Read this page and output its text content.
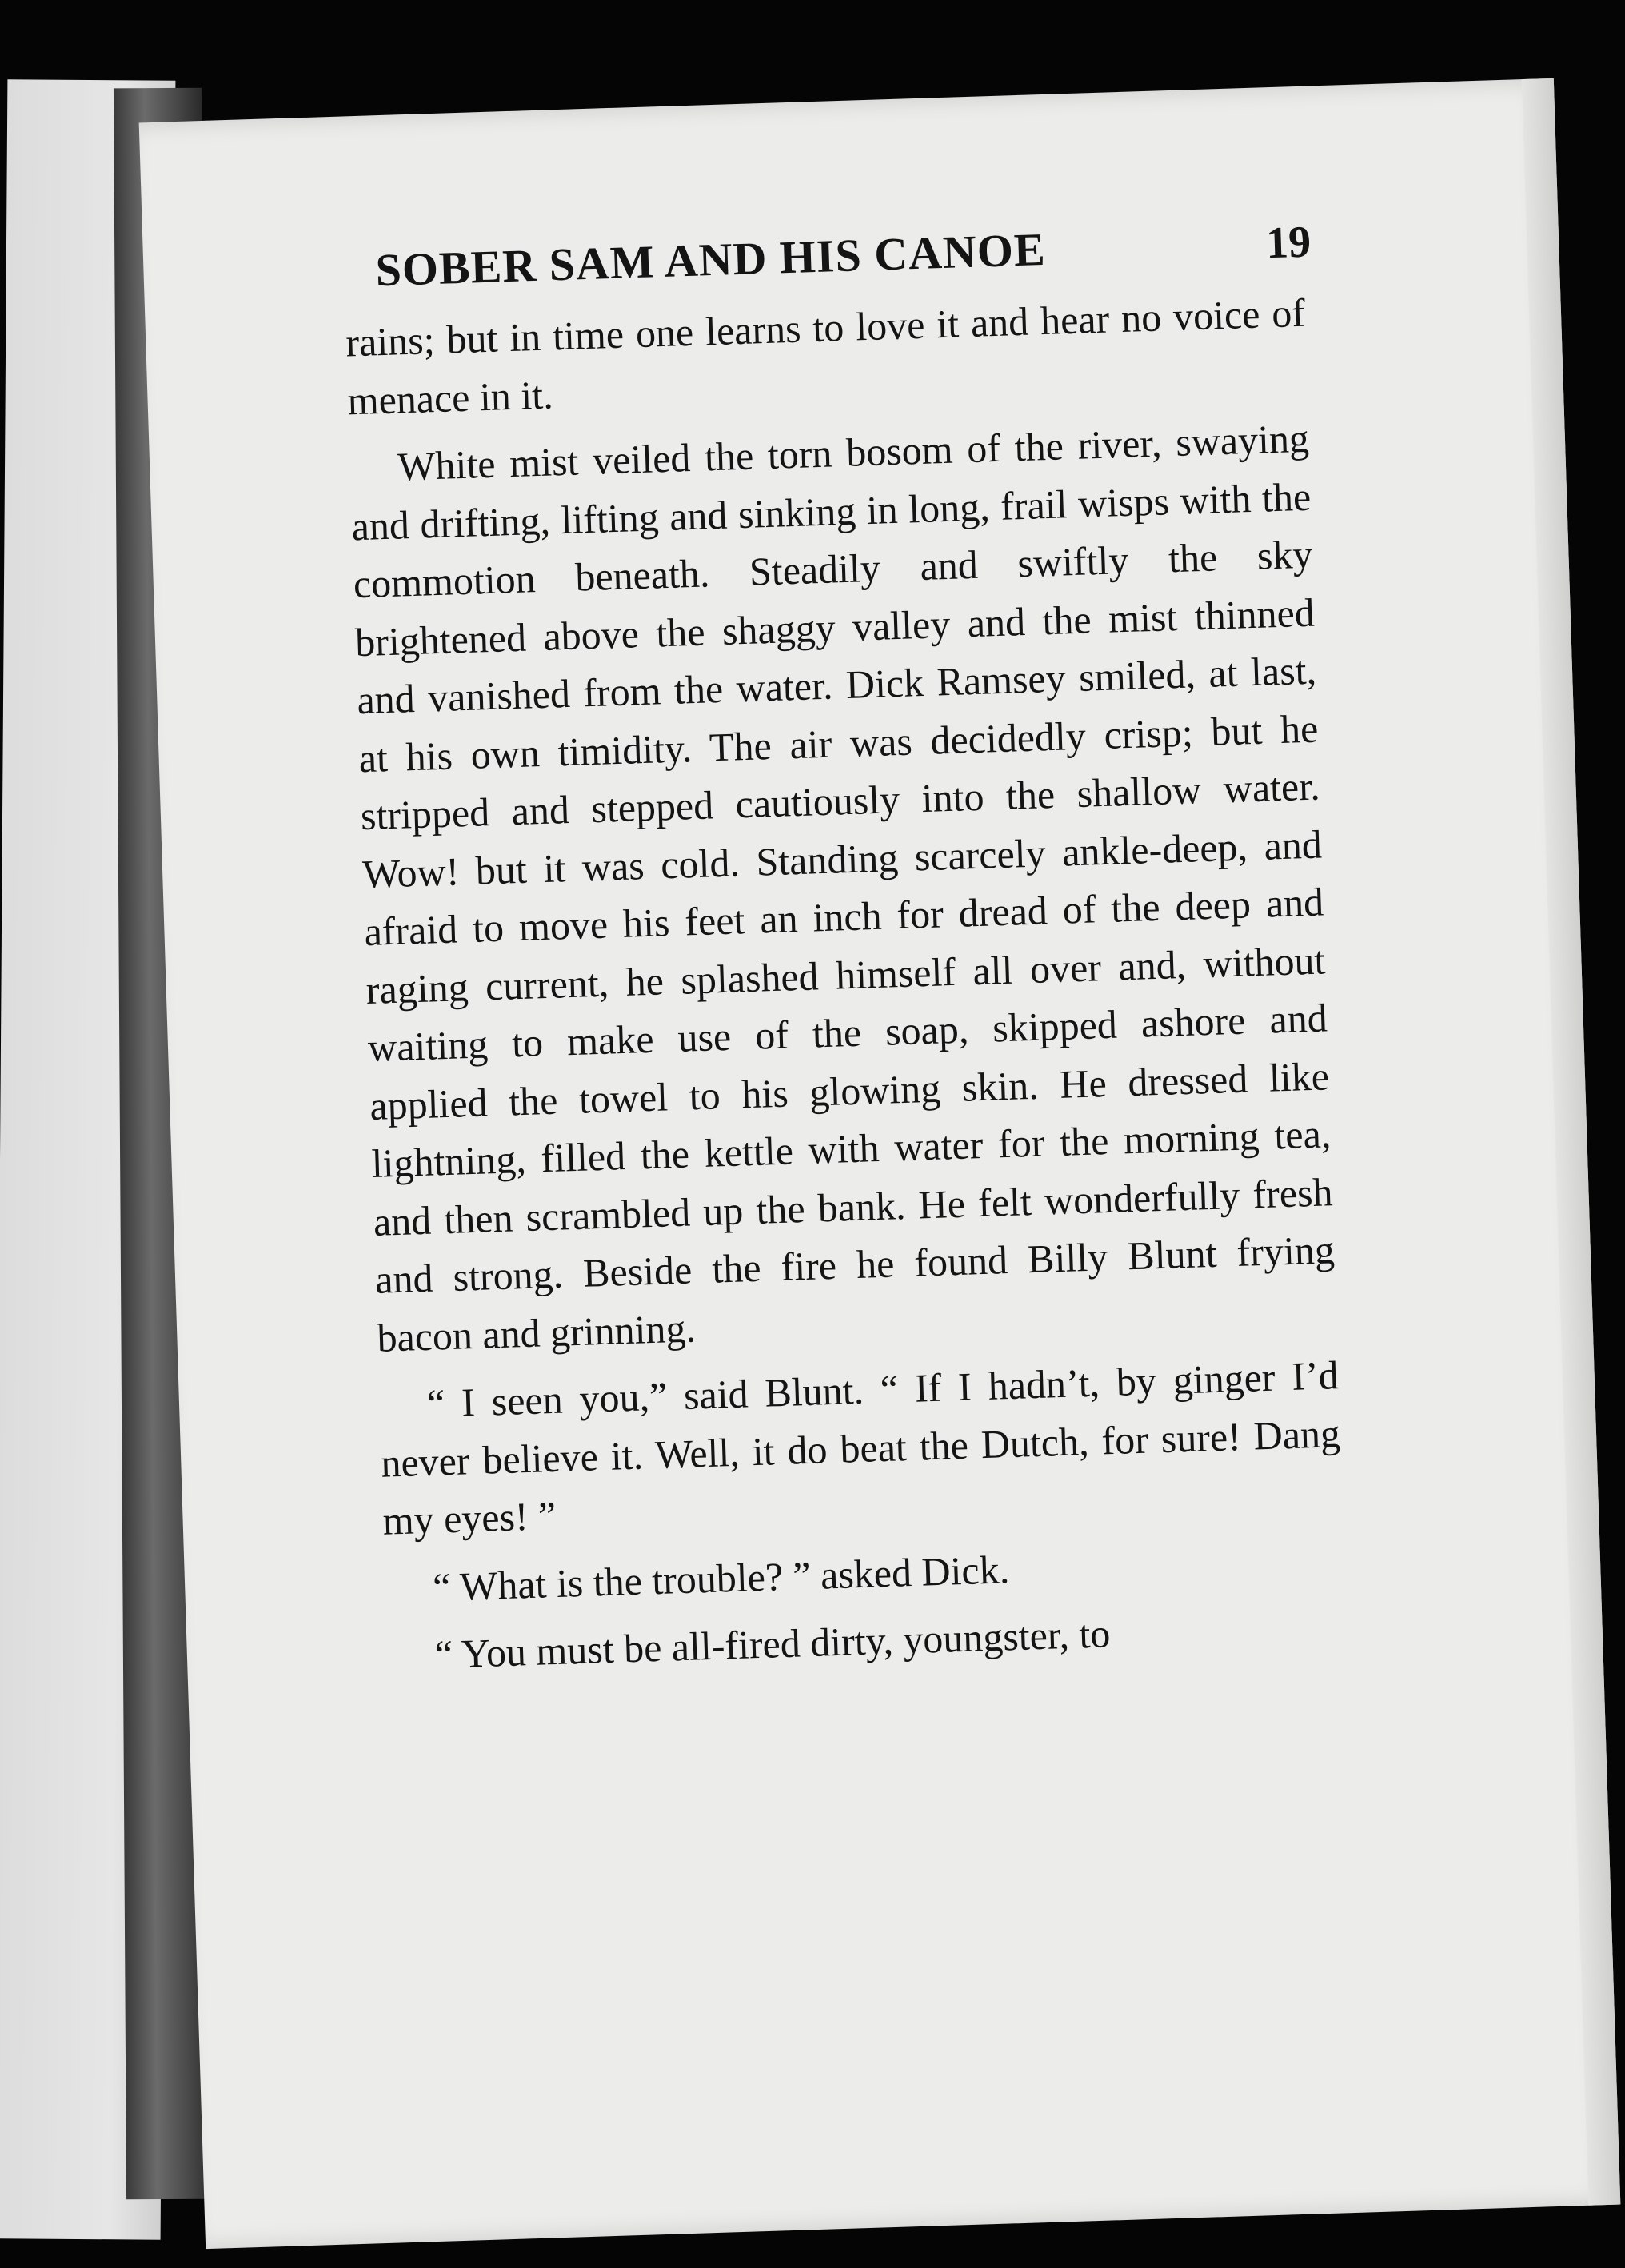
SOBER SAM AND HIS CANOE	19

rains; but in time one learns to love it and hear no voice of menace in it.

White mist veiled the torn bosom of the river, swaying and drifting, lifting and sinking in long, frail wisps with the commotion beneath. Steadily and swiftly the sky brightened above the shaggy valley and the mist thinned and vanished from the water. Dick Ramsey smiled, at last, at his own timidity. The air was decidedly crisp; but he stripped and stepped cautiously into the shallow water. Wow! but it was cold. Standing scarcely ankle-deep, and afraid to move his feet an inch for dread of the deep and raging current, he splashed himself all over and, without waiting to make use of the soap, skipped ashore and applied the towel to his glowing skin. He dressed like lightning, filled the kettle with water for the morning tea, and then scrambled up the bank. He felt wonderfully fresh and strong. Beside the fire he found Billy Blunt frying bacon and grinning.

“ I seen you,” said Blunt. “ If I hadn’t, by ginger I’d never believe it. Well, it do beat the Dutch, for sure! Dang my eyes! ”

“ What is the trouble? ” asked Dick.

“ You must be all-fired dirty, youngster, to
